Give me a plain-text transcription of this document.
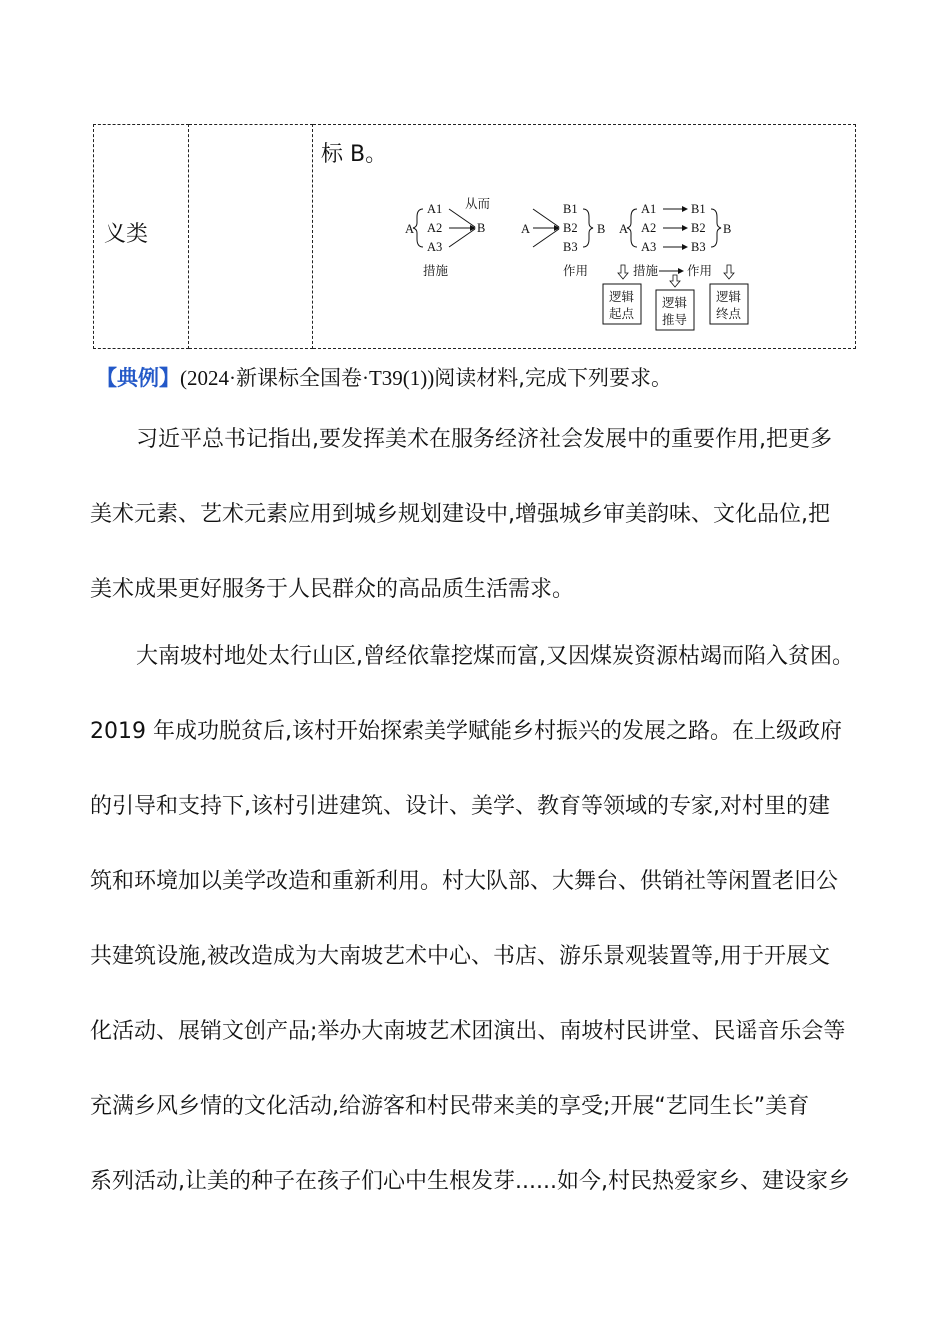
义类
标 B。
A
A1
A2
A3
B
从而
措施
A
B1
B2
B3
B
作用
A
A1
A2
A3
B1
B2
B3
B
措施 作用
逻辑
起点
逻辑
推导
逻辑
终点
【典例】(2024·新课标全国卷·T39(1))阅读材料,完成下列要求。
习近平总书记指出,要发挥美术在服务经济社会发展中的重要作用,把更多
美术元素、艺术元素应用到城乡规划建设中,增强城乡审美韵味、文化品位,把
美术成果更好服务于人民群众的高品质生活需求。
大南坡村地处太行山区,曾经依靠挖煤而富,又因煤炭资源枯竭而陷入贫困。
2019 年成功脱贫后,该村开始探索美学赋能乡村振兴的发展之路。在上级政府
的引导和支持下,该村引进建筑、设计、美学、教育等领域的专家,对村里的建
筑和环境加以美学改造和重新利用。村大队部、大舞台、供销社等闲置老旧公
共建筑设施,被改造成为大南坡艺术中心、书店、游乐景观装置等,用于开展文
化活动、展销文创产品;举办大南坡艺术团演出、南坡村民讲堂、民谣音乐会等
充满乡风乡情的文化活动,给游客和村民带来美的享受;开展“艺同生长”美育
系列活动,让美的种子在孩子们心中生根发芽......如今,村民热爱家乡、建设家乡
